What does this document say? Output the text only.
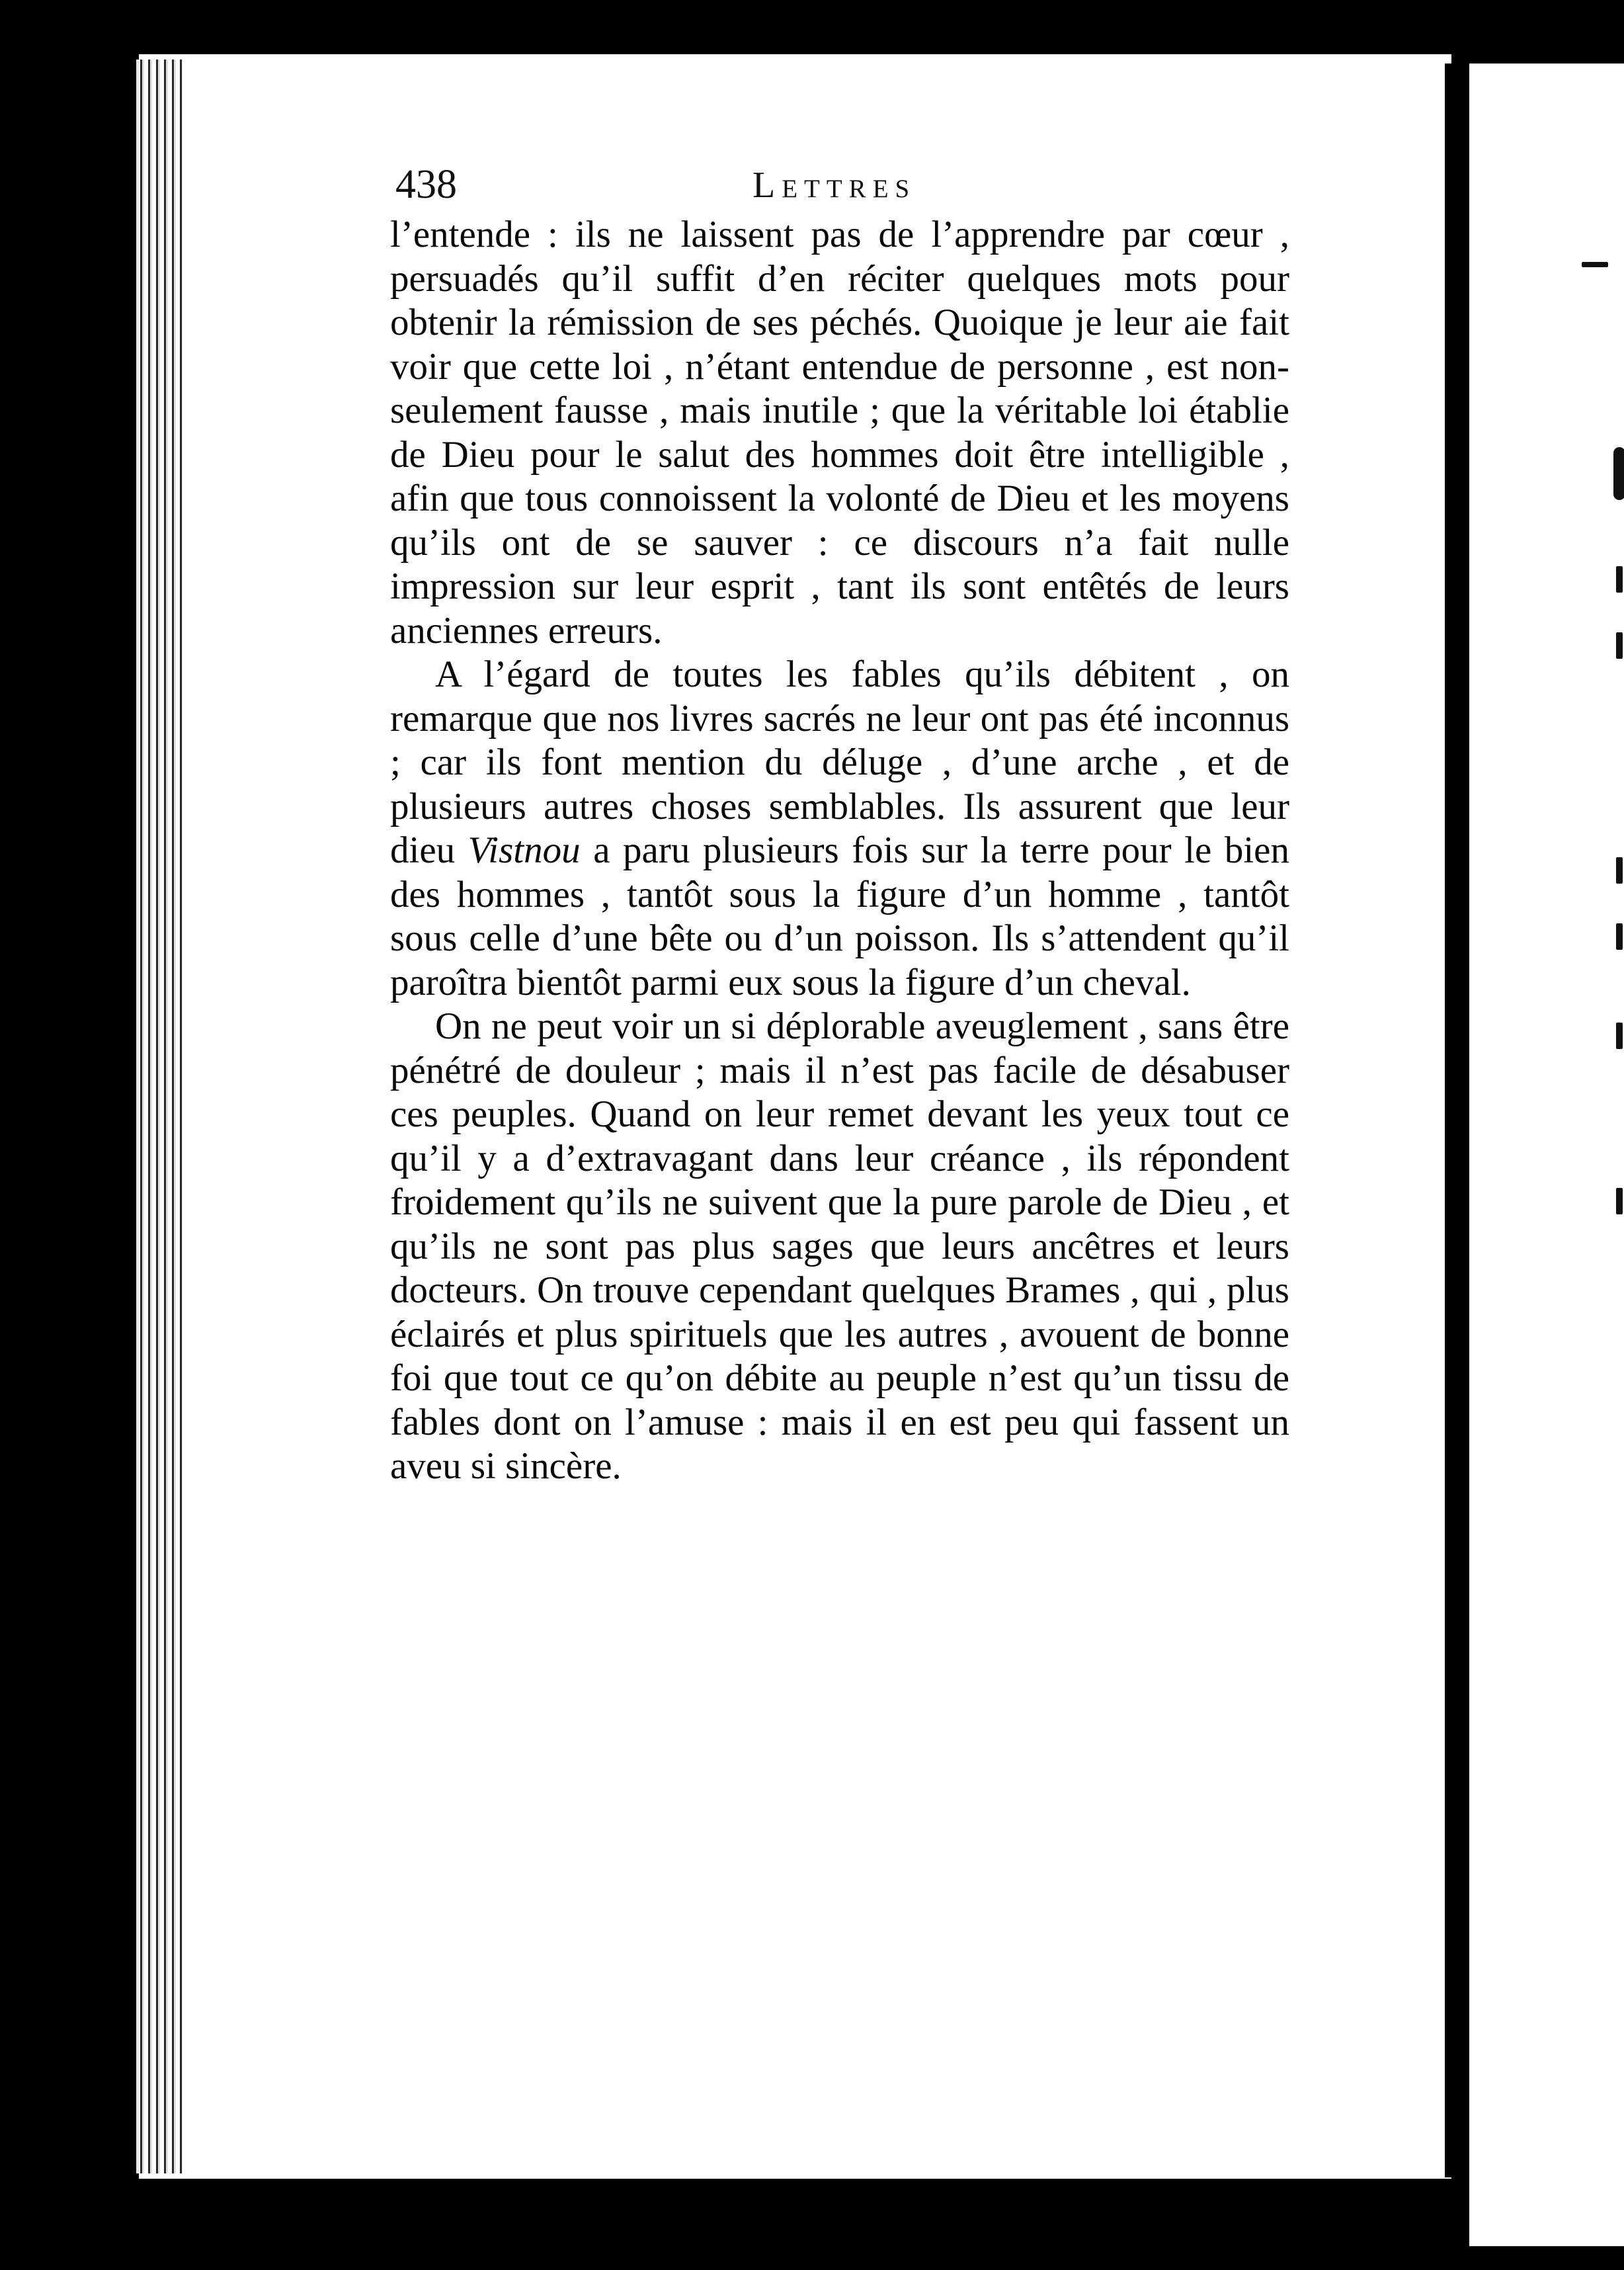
438	Lettres

l’entende : ils ne laissent pas de l’apprendre par cœur , persuadés qu’il suffit d’en réciter quelques mots pour obtenir la rémission de ses péchés. Quoique je leur aie fait voir que cette loi , n’étant entendue de personne , est non-seulement fausse , mais inutile ; que la véritable loi établie de Dieu pour le salut des hommes doit être intelligible , afin que tous connoissent la volonté de Dieu et les moyens qu’ils ont de se sauver : ce discours n’a fait nulle impression sur leur esprit , tant ils sont entêtés de leurs anciennes erreurs.

A l’égard de toutes les fables qu’ils débitent , on remarque que nos livres sacrés ne leur ont pas été inconnus ; car ils font mention du déluge , d’une arche , et de plusieurs autres choses semblables. Ils assurent que leur dieu Vistnou a paru plusieurs fois sur la terre pour le bien des hommes , tantôt sous la figure d’un homme , tantôt sous celle d’une bête ou d’un poisson. Ils s’attendent qu’il paroîtra bientôt parmi eux sous la figure d’un cheval.

On ne peut voir un si déplorable aveuglement , sans être pénétré de douleur ; mais il n’est pas facile de désabuser ces peuples. Quand on leur remet devant les yeux tout ce qu’il y a d’extravagant dans leur créance , ils répondent froidement qu’ils ne suivent que la pure parole de Dieu , et qu’ils ne sont pas plus sages que leurs ancêtres et leurs docteurs. On trouve cependant quelques Brames , qui , plus éclairés et plus spirituels que les autres , avouent de bonne foi que tout ce qu’on débite au peuple n’est qu’un tissu de fables dont on l’amuse : mais il en est peu qui fassent un aveu si sincère.
